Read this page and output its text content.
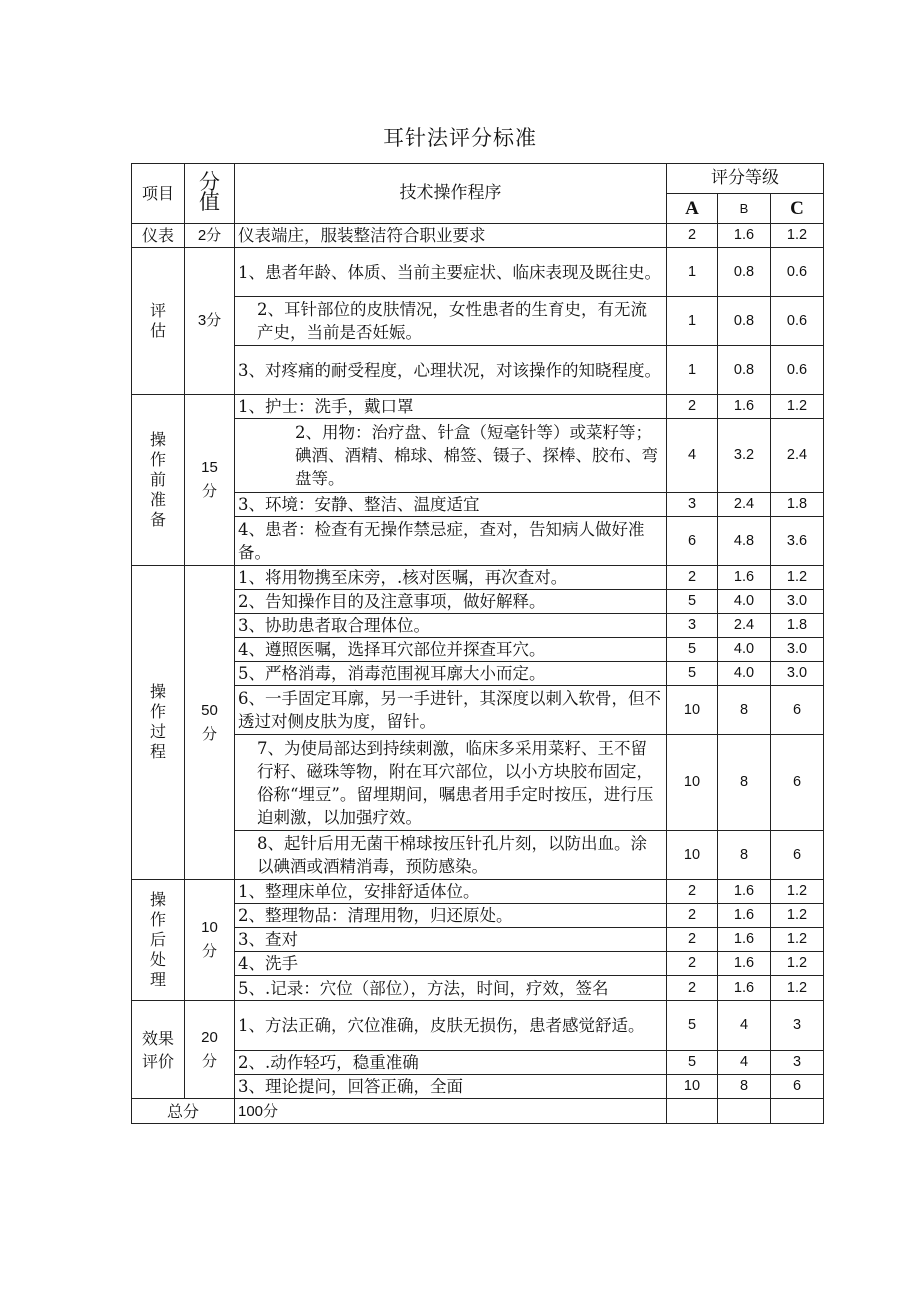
耳针法评分标准
项目	分值	技术操作程序	评分等级		
			A	B	C
仪表	2分	仪表端庄，服装整洁符合职业要求	2	1.6	1.2
评估	3分	1、患者年龄、体质、当前主要症状、临床表现及既往史。	1	0.8	0.6
		2、耳针部位的皮肤情况，女性患者的生育史，有无流产史，当前是否妊娠。	1	0.8	0.6
		3、对疼痛的耐受程度，心理状况，对该操作的知晓程度。	1	0.8	0.6
操作前准备	15分	1、护士：洗手，戴口罩	2	1.6	1.2
		2、用物：治疗盘、针盒（短毫针等）或菜籽等；碘酒、酒精、棉球、棉签、镊子、探棒、胶布、弯盘等。	4	3.2	2.4
		3、环境：安静、整洁、温度适宜	3	2.4	1.8
		4、患者：检查有无操作禁忌症，查对，告知病人做好准备。	6	4.8	3.6
操作过程	50分	1、将用物携至床旁，.核对医嘱，再次查对。	2	1.6	1.2
		2、告知操作目的及注意事项，做好解释。	5	4.0	3.0
		3、协助患者取合理体位。	3	2.4	1.8
		4、遵照医嘱，选择耳穴部位并探查耳穴。	5	4.0	3.0
		5、严格消毒，消毒范围视耳廓大小而定。	5	4.0	3.0
		6、一手固定耳廓，另一手进针，其深度以刺入软骨，但不透过对侧皮肤为度，留针。	10	8	6
		7、为使局部达到持续刺激，临床多采用菜籽、王不留行籽、磁珠等物，附在耳穴部位，以小方块胶布固定，俗称“埋豆”。留埋期间，嘱患者用手定时按压，进行压迫刺激，以加强疗效。	10	8	6
		8、起针后用无菌干棉球按压针孔片刻，以防出血。涂以碘酒或酒精消毒，预防感染。	10	8	6
操作后处理	10分	1、整理床单位，安排舒适体位。	2	1.6	1.2
		2、整理物品：清理用物，归还原处。	2	1.6	1.2
		3、查对	2	1.6	1.2
		4、洗手	2	1.6	1.2
		5、.记录：穴位（部位），方法，时间，疗效，签名	2	1.6	1.2
效果评价	20分	1、方法正确，穴位准确，皮肤无损伤，患者感觉舒适。	5	4	3
		2、.动作轻巧，稳重准确	5	4	3
		3、理论提问，回答正确，全面	10	8	6
总分		100分			
